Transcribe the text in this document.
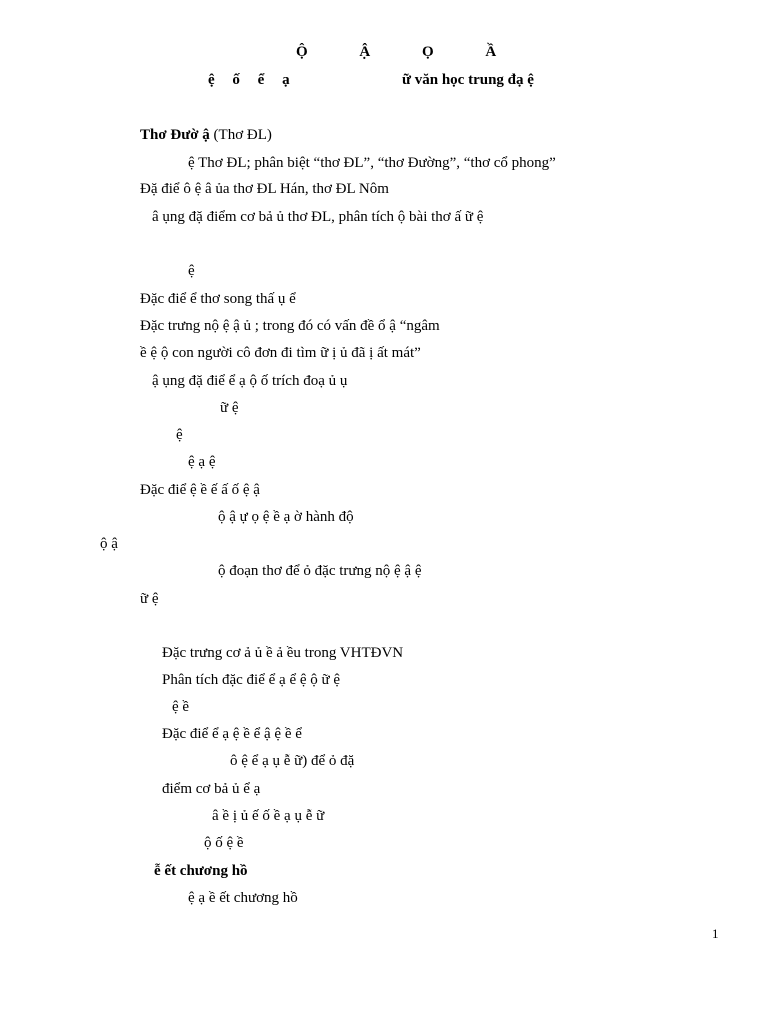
Ộ Ậ Ọ Ầ
ệ ố ể ạ	ữ văn học trung đạ ệ
Thơ Đườ ậ (Thơ ĐL)
ệ Thơ ĐL; phân biệt “thơ ĐL”, “thơ Đường”, “thơ cổ phong”
Đặ điể ô ệ â ủa thơ ĐL Hán, thơ ĐL Nôm
â ụng đặ điểm cơ bả ủ thơ ĐL, phân tích ộ bài thơ ấ ữ ệ
ệ
Đặc điể ể thơ song thấ ụ ể
Đặc trưng nộ ệ ậ ủ ; trong đó có vấn đề ổ ậ “ngâm
ề ệ ộ con người cô đơn đi tìm ữ ị ủ đã ị ất mát”
ậ ụng đặ điể ể ạ ộ ố trích đoạ ủ ụ
ữ ệ
ệ
ệ ạ ệ
Đặc điể ệ ề ế ấ ố ệ ậ
ộ ậ ự ọ ệ ề ạ ờ hành độ
ộ ậ
ộ đoạn thơ để ỏ đặc trưng nộ ệ ậ ệ
ữ ệ
Đặc trưng cơ ả ủ ề ả ều trong VHTĐVN
Phân tích đặc điể ể ạ ể ệ ộ ữ ệ
ệ ề
Đặc điể ể ạ ệ ề ể ậ ệ ề ể
ô ệ ể ạ ụ ễ ữ) để ỏ đặ
điểm cơ bả ủ ể ạ
â ề ị ủ ế ố ề ạ ụ ễ ữ
ộ ố ệ ề
ễ ết chương hồ
ệ ạ ề ết chương hồ
1
